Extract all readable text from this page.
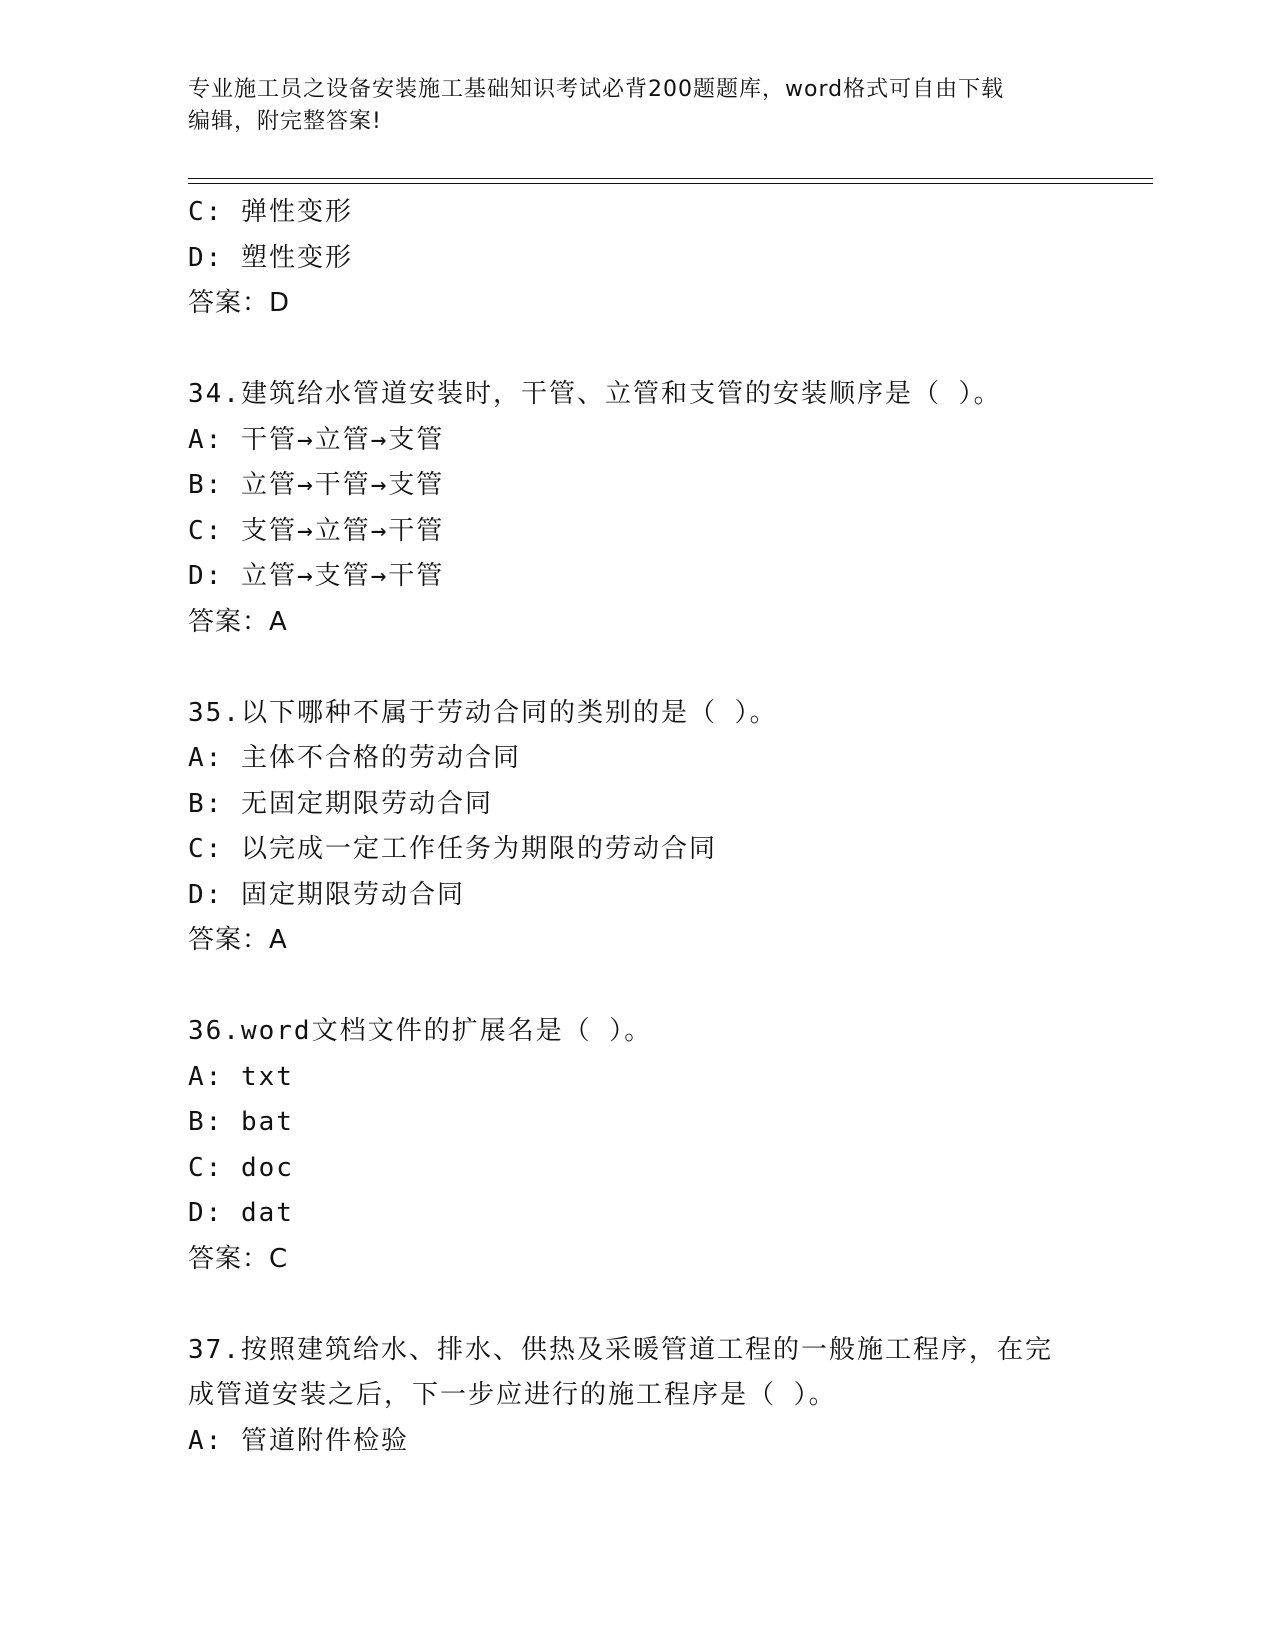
专业施工员之设备安装施工基础知识考试必背200题题库，word格式可自由下载
编辑，附完整答案!
C: 弹性变形
D: 塑性变形
答案：D
34.建筑给水管道安装时，干管、立管和支管的安装顺序是（ ）。
A: 干管→立管→支管
B: 立管→干管→支管
C: 支管→立管→干管
D: 立管→支管→干管
答案：A
35.以下哪种不属于劳动合同的类别的是（ ）。
A: 主体不合格的劳动合同
B: 无固定期限劳动合同
C: 以完成一定工作任务为期限的劳动合同
D: 固定期限劳动合同
答案：A
36.word文档文件的扩展名是（ ）。
A: txt
B: bat
C: doc
D: dat
答案：C
37.按照建筑给水、排水、供热及采暖管道工程的一般施工程序，在完
成管道安装之后，下一步应进行的施工程序是（ ）。
A: 管道附件检验
